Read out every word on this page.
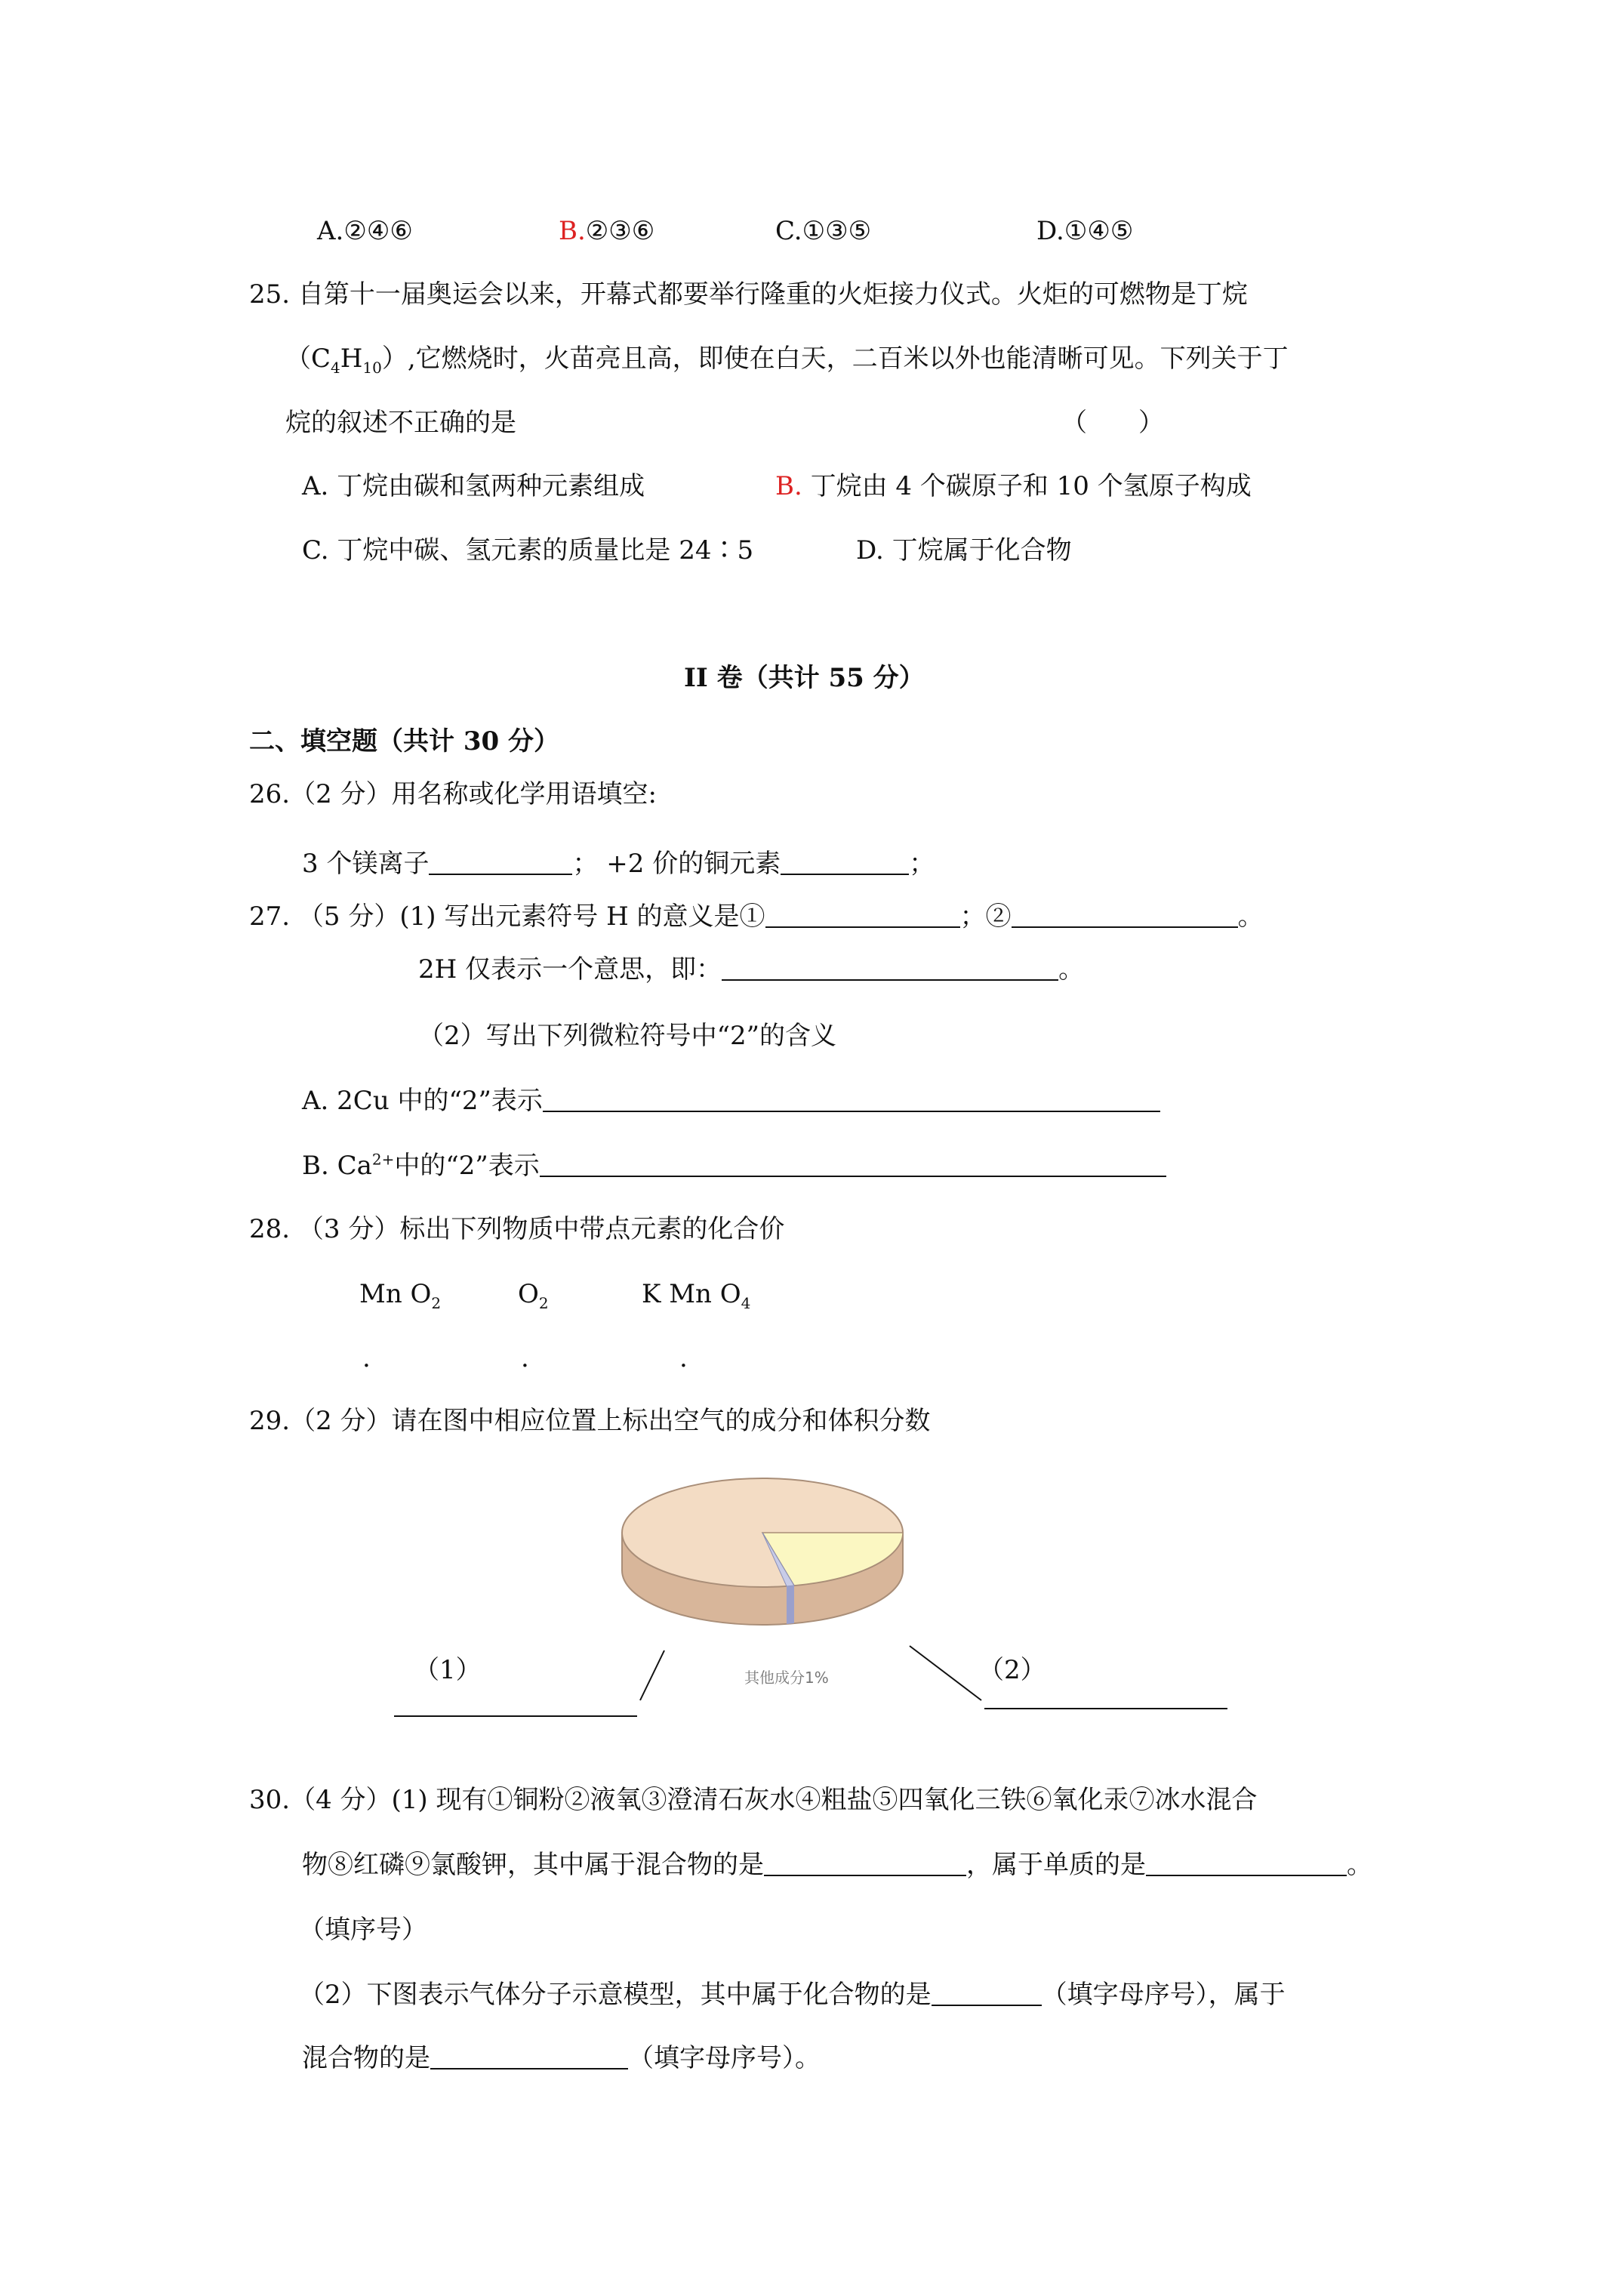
A.②④⑥	B.②③⑥	C.①③⑤	D.①④⑤
25. 自第十一届奥运会以来，开幕式都要举行隆重的火炬接力仪式。火炬的可燃物是丁烷
$(C_4H_{10})$,它燃烧时，火苗亮且高，即使在白天，二百米以外也能清晰可见。下列关于丁
烷的叙述不正确的是	（　　）
A. 丁烷由碳和氢两种元素组成	B. 丁烷由 4 个碳原子和 10 个氢原子构成
C. 丁烷中碳、氢元素的质量比是 24∶5	D. 丁烷属于化合物
II 卷（共计 55 分）
二、填空题（共计 30 分）
26.（2 分）用名称或化学用语填空:
3 个镁离子	； +2 价的铜元素	；
27. （5 分）(1) 写出元素符号 H 的意义是①	；②	。
2H 仅表示一个意思，即：	。
（2）写出下列微粒符号中“2”的含义
A. 2Cu 中的“2”表示
B. $Ca^{2+}$中的“2”表示
28. （3 分）标出下列物质中带点元素的化合价
Mn $O_2$	$O_2$	K Mn $O_4$
.	.	.
29.（2 分）请在图中相应位置上标出空气的成分和体积分数
（1）	（2）
其他成分1%
30.（4 分）(1) 现有①铜粉②液氧③澄清石灰水④粗盐⑤四氧化三铁⑥氧化汞⑦冰水混合
物⑧红磷⑨氯酸钾，其中属于混合物的是	，属于单质的是	。
（填序号）
（2）下图表示气体分子示意模型，其中属于化合物的是	（填字母序号），属于
混合物的是	（填字母序号）。
